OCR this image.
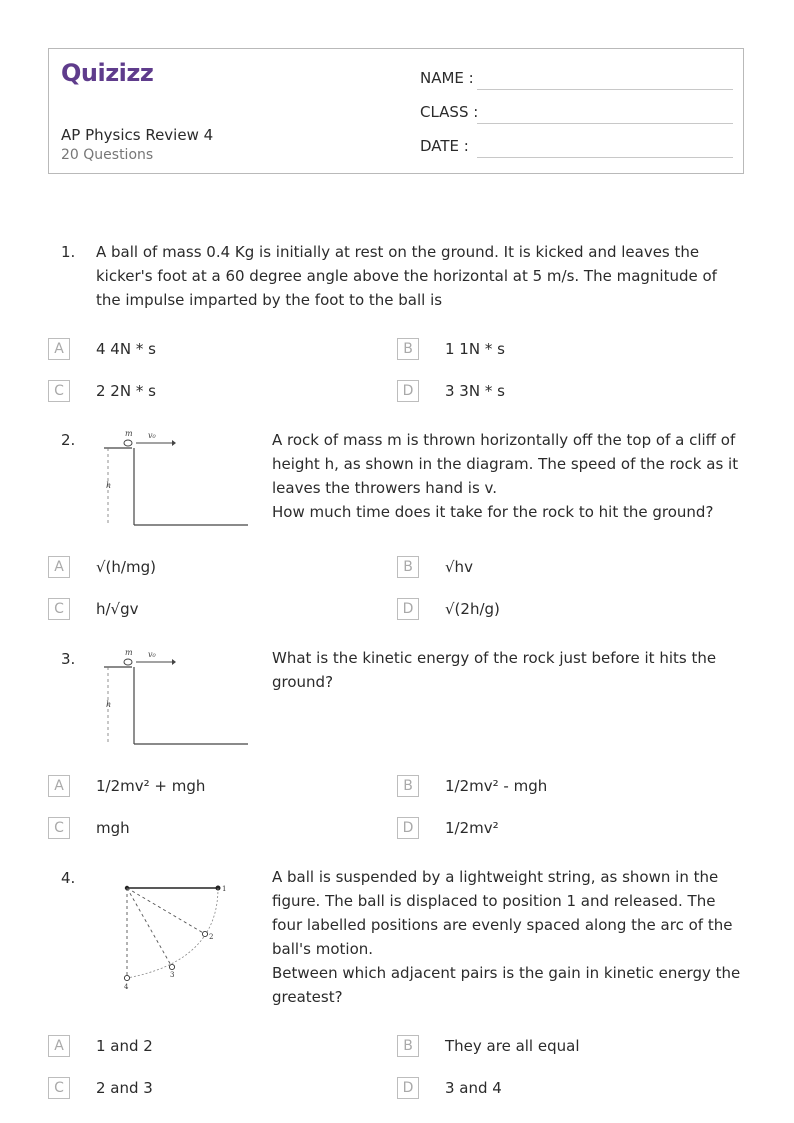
Quizizz
AP Physics Review 4
20 Questions
NAME :
CLASS :
DATE :
1. A ball of mass 0.4 Kg is initially at rest on the ground. It is kicked and leaves the kicker's foot at a 60 degree angle above the horizontal at 5 m/s. The magnitude of the impulse imparted by the foot to the ball is
A	4 4N * s	B	1 1N * s
C	2 2N * s	D	3 3N * s
2.	m v₀
h
A rock of mass m is thrown horizontally off the top of a cliff of height h, as shown in the diagram. The speed of the rock as it leaves the throwers hand is v.
How much time does it take for the rock to hit the ground?
A	√(h/mg)	B	√hv
C	h/√gv	D	√(2h/g)
3.	m v₀
h
What is the kinetic energy of the rock just before it hits the ground?
A	1/2mv² + mgh	B	1/2mv² - mgh
C	mgh	D	1/2mv²
4.
1
2
3
4
A ball is suspended by a lightweight string, as shown in the figure. The ball is displaced to position 1 and released. The four labelled positions are evenly spaced along the arc of the ball's motion.
Between which adjacent pairs is the gain in kinetic energy the greatest?
A	1 and 2	B	They are all equal
C	2 and 3	D	3 and 4
